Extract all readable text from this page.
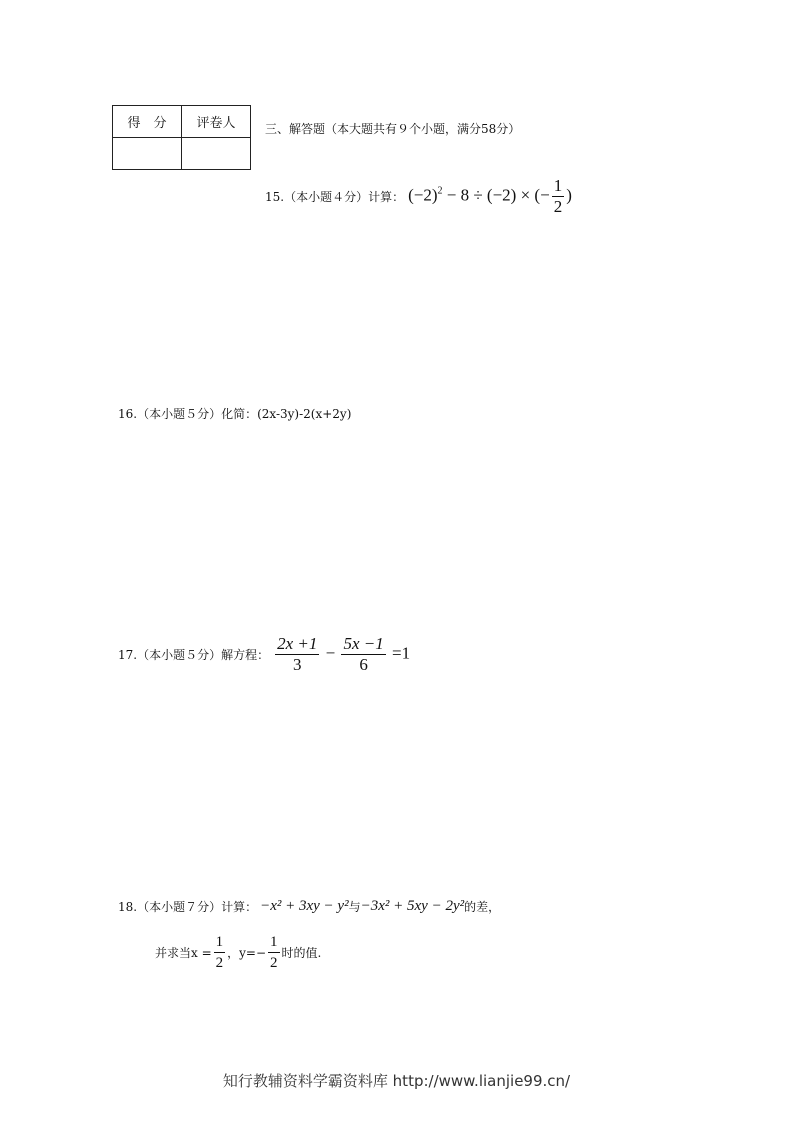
得　分	评卷人
	三、解答题（本大题共有９个小题，满分58分）
15.（本小题４分）计算： $(-2)^2 - 8 \div (-2)$ × (− $\frac{1}{2}$ )
16.（本小题５分）化简：(2x-3y)-2(x+2y)
17.（本小题５分）解方程： $\frac{2x +1}{3} - \frac{5x -1}{6} =1$
18.（本小题７分）计算： −x² + 3xy − y² 与 −3x² + 5xy − 2y² 的差，
并求当$x = \frac{1}{2}$ ，$y=- \frac{1}{2}$ 时的值.
知行教辅资料学霸资料库 http://www.lianjie99.cn/
